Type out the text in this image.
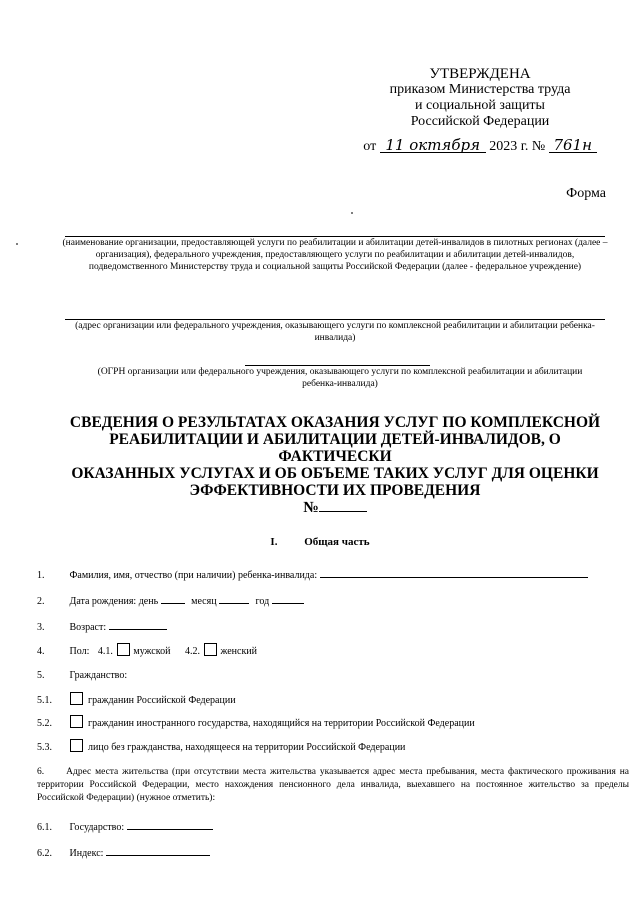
УТВЕРЖДЕНА
приказом Министерства труда
и социальной защиты
Российской Федерации
от 11 октября 2023 г. № 761н
Форма
(наименование организации, предоставляющей услуги по реабилитации и абилитации детей-инвалидов в пилотных регионах (далее – организация), федерального учреждения, предоставляющего услуги по реабилитации и абилитации детей-инвалидов, подведомственного Министерству труда и социальной защиты Российской Федерации (далее - федеральное учреждение)
(адрес организации или федерального учреждения, оказывающего услуги по комплексной реабилитации и абилитации ребенка-инвалида)
(ОГРН организации или федерального учреждения, оказывающего услуги по комплексной реабилитации и абилитации ребенка-инвалида)
СВЕДЕНИЯ О РЕЗУЛЬТАТАХ ОКАЗАНИЯ УСЛУГ ПО КОМПЛЕКСНОЙ
РЕАБИЛИТАЦИИ И АБИЛИТАЦИИ ДЕТЕЙ-ИНВАЛИДОВ, О ФАКТИЧЕСКИ
ОКАЗАННЫХ УСЛУГАХ И ОБ ОБЪЕМЕ ТАКИХ УСЛУГ ДЛЯ ОЦЕНКИ
ЭФФЕКТИВНОСТИ ИХ ПРОВЕДЕНИЯ
№
I. Общая часть
1.	Фамилия, имя, отчество (при наличии) ребенка-инвалида:
2.	Дата рождения: день	месяц	год
3.	Возраст:
4.	Пол: 4.1. мужской 4.2. женский
5.	Гражданство:
5.1.	гражданин Российской Федерации
5.2.	гражданин иностранного государства, находящийся на территории Российской Федерации
5.3.	лицо без гражданства, находящееся на территории Российской Федерации
6. Адрес места жительства (при отсутствии места жительства указывается адрес места пребывания, места фактического проживания на территории Российской Федерации, место нахождения пенсионного дела инвалида, выехавшего на постоянное жительство за пределы Российской Федерации) (нужное отметить):
6.1. Государство:
6.2. Индекс:
